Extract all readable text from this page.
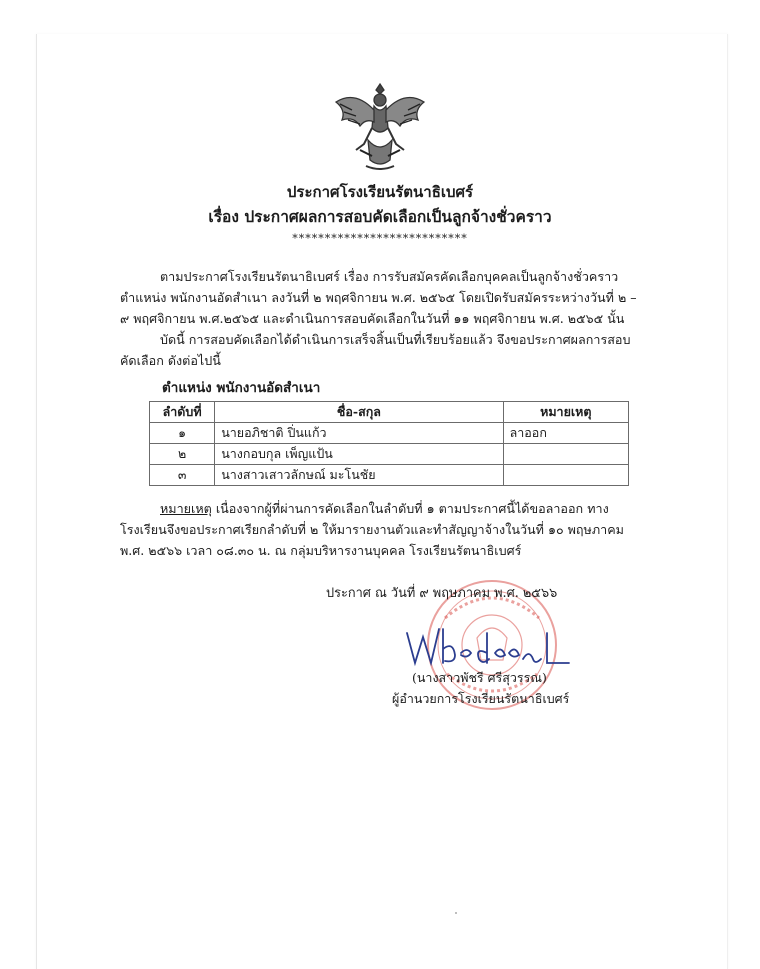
ประกาศโรงเรียนรัตนาธิเบศร์
เรื่อง ประกาศผลการสอบคัดเลือกเป็นลูกจ้างชั่วคราว
***************************
ตามประกาศโรงเรียนรัตนาธิเบศร์ เรื่อง การรับสมัครคัดเลือกบุคคลเป็นลูกจ้างชั่วคราว ตำแหน่ง พนักงานอัดสำเนา ลงวันที่ ๒ พฤศจิกายน พ.ศ. ๒๕๖๕ โดยเปิดรับสมัครระหว่างวันที่ ๒ – ๙ พฤศจิกายน พ.ศ.๒๕๖๕ และดำเนินการสอบคัดเลือกในวันที่ ๑๑ พฤศจิกายน พ.ศ. ๒๕๖๕ นั้น
บัดนี้ การสอบคัดเลือกได้ดำเนินการเสร็จสิ้นเป็นที่เรียบร้อยแล้ว จึงขอประกาศผลการสอบคัดเลือก ดังต่อไปนี้
ตำแหน่ง พนักงานอัดสำเนา
ลำดับที่	ชื่อ-สกุล	หมายเหตุ
๑	นายอภิชาติ ปิ่นแก้ว	ลาออก
๒	นางกอบกุล เพ็ญแป้น	
๓	นางสาวเสาวลักษณ์ มะโนชัย	
หมายเหตุ เนื่องจากผู้ที่ผ่านการคัดเลือกในลำดับที่ ๑ ตามประกาศนี้ได้ขอลาออก ทางโรงเรียนจึงขอประกาศเรียกลำดับที่ ๒ ให้มารายงานตัวและทำสัญญาจ้างในวันที่ ๑๐ พฤษภาคม พ.ศ. ๒๕๖๖ เวลา ๐๘.๓๐ น. ณ กลุ่มบริหารงานบุคคล โรงเรียนรัตนาธิเบศร์
ประกาศ ณ วันที่ ๙ พฤษภาคม พ.ศ. ๒๕๖๖
(นางสาวพัชรี ศรีสุวรรณ)
ผู้อำนวยการโรงเรียนรัตนาธิเบศร์
